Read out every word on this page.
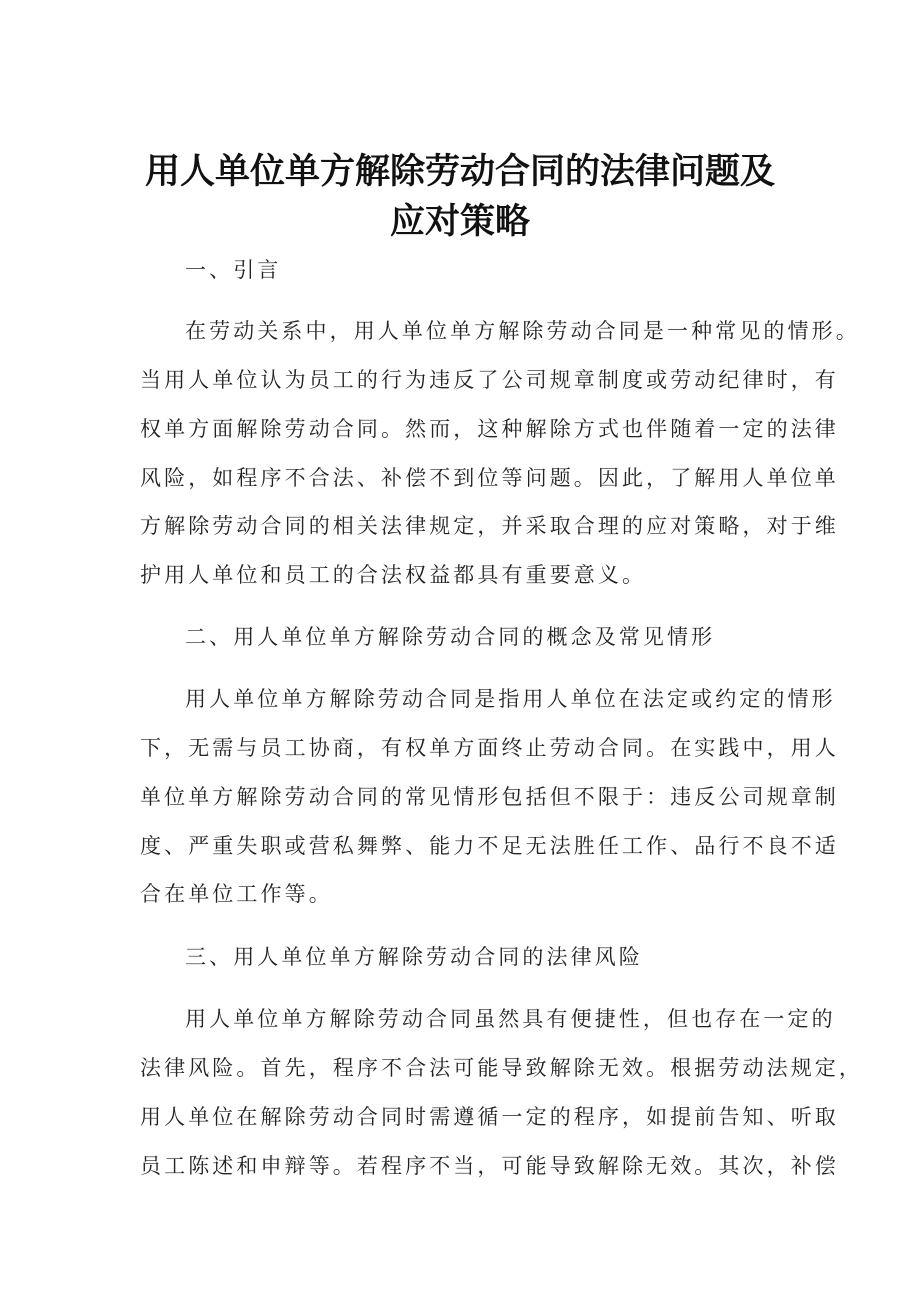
用人单位单方解除劳动合同的法律问题及
应对策略
一、引言
在劳动关系中，用人单位单方解除劳动合同是一种常见的情形。
当用人单位认为员工的行为违反了公司规章制度或劳动纪律时，有
权单方面解除劳动合同。然而，这种解除方式也伴随着一定的法律
风险，如程序不合法、补偿不到位等问题。因此，了解用人单位单
方解除劳动合同的相关法律规定，并采取合理的应对策略，对于维
护用人单位和员工的合法权益都具有重要意义。
二、用人单位单方解除劳动合同的概念及常见情形
用人单位单方解除劳动合同是指用人单位在法定或约定的情形
下，无需与员工协商，有权单方面终止劳动合同。在实践中，用人
单位单方解除劳动合同的常见情形包括但不限于：违反公司规章制
度、严重失职或营私舞弊、能力不足无法胜任工作、品行不良不适
合在单位工作等。
三、用人单位单方解除劳动合同的法律风险
用人单位单方解除劳动合同虽然具有便捷性，但也存在一定的
法律风险。首先，程序不合法可能导致解除无效。根据劳动法规定，
用人单位在解除劳动合同时需遵循一定的程序，如提前告知、听取
员工陈述和申辩等。若程序不当，可能导致解除无效。其次，补偿
